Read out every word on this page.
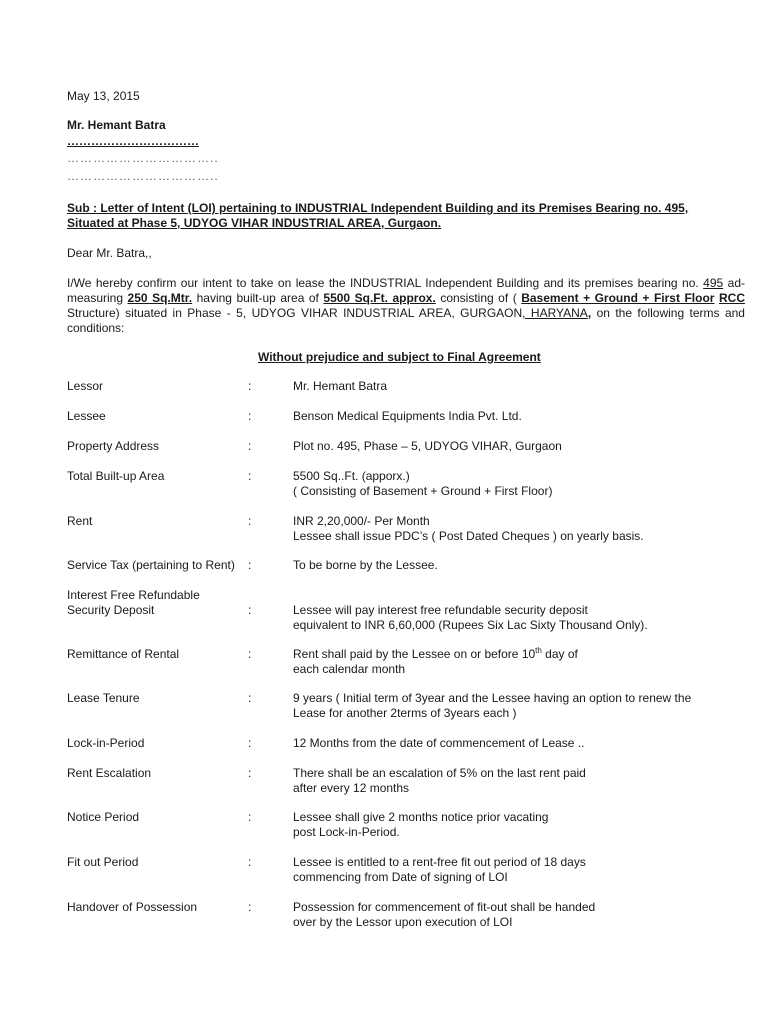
May 13, 2015
Mr. Hemant Batra
……………………………
……………………………..
……………………………..
Sub : Letter of Intent (LOI) pertaining to INDUSTRIAL Independent Building and its Premises Bearing no. 495,
Situated at Phase 5, UDYOG VIHAR INDUSTRIAL AREA, Gurgaon.
Dear Mr. Batra,,
I/We hereby confirm our intent to take on lease the INDUSTRIAL Independent Building and its premises bearing no. 495 ad-measuring 250 Sq.Mtr. having built-up area of 5500 Sq.Ft. approx. consisting of ( Basement + Ground + First Floor RCC Structure) situated in Phase - 5, UDYOG VIHAR INDUSTRIAL AREA, GURGAON, HARYANA, on the following terms and conditions:
Without prejudice and subject to Final Agreement
Lessor	:	Mr. Hemant Batra
Lessee	:	Benson Medical Equipments India Pvt. Ltd.
Property Address	:	Plot no. 495, Phase – 5, UDYOG VIHAR, Gurgaon
Total Built-up Area	:	5500 Sq..Ft. (apporx.)
( Consisting of Basement + Ground + First Floor)
Rent	:	INR 2,20,000/- Per Month
Lessee shall issue PDC’s ( Post Dated Cheques ) on yearly basis.
Service Tax (pertaining to Rent)	:	To be borne by the Lessee.
Interest Free Refundable
Security Deposit	:	Lessee will pay interest free refundable security deposit
equivalent to INR 6,60,000 (Rupees Six Lac Sixty Thousand Only).
Remittance of Rental	:	Rent shall paid by the Lessee on or before 10th day of
each calendar month
Lease Tenure	:	9 years ( Initial term of 3year and the Lessee having an option to renew the
Lease for another 2terms of 3years each )
Lock-in-Period	:	12 Months from the date of commencement of Lease ..
Rent Escalation	:	There shall be an escalation of 5% on the last rent paid
after every 12 months
Notice Period	:	Lessee shall give 2 months notice prior vacating
post Lock-in-Period.
Fit out Period	:	Lessee is entitled to a rent-free fit out period of 18 days
commencing from Date of signing of LOI
Handover of Possession	:	Possession for commencement of fit-out shall be handed
over by the Lessor upon execution of LOI
